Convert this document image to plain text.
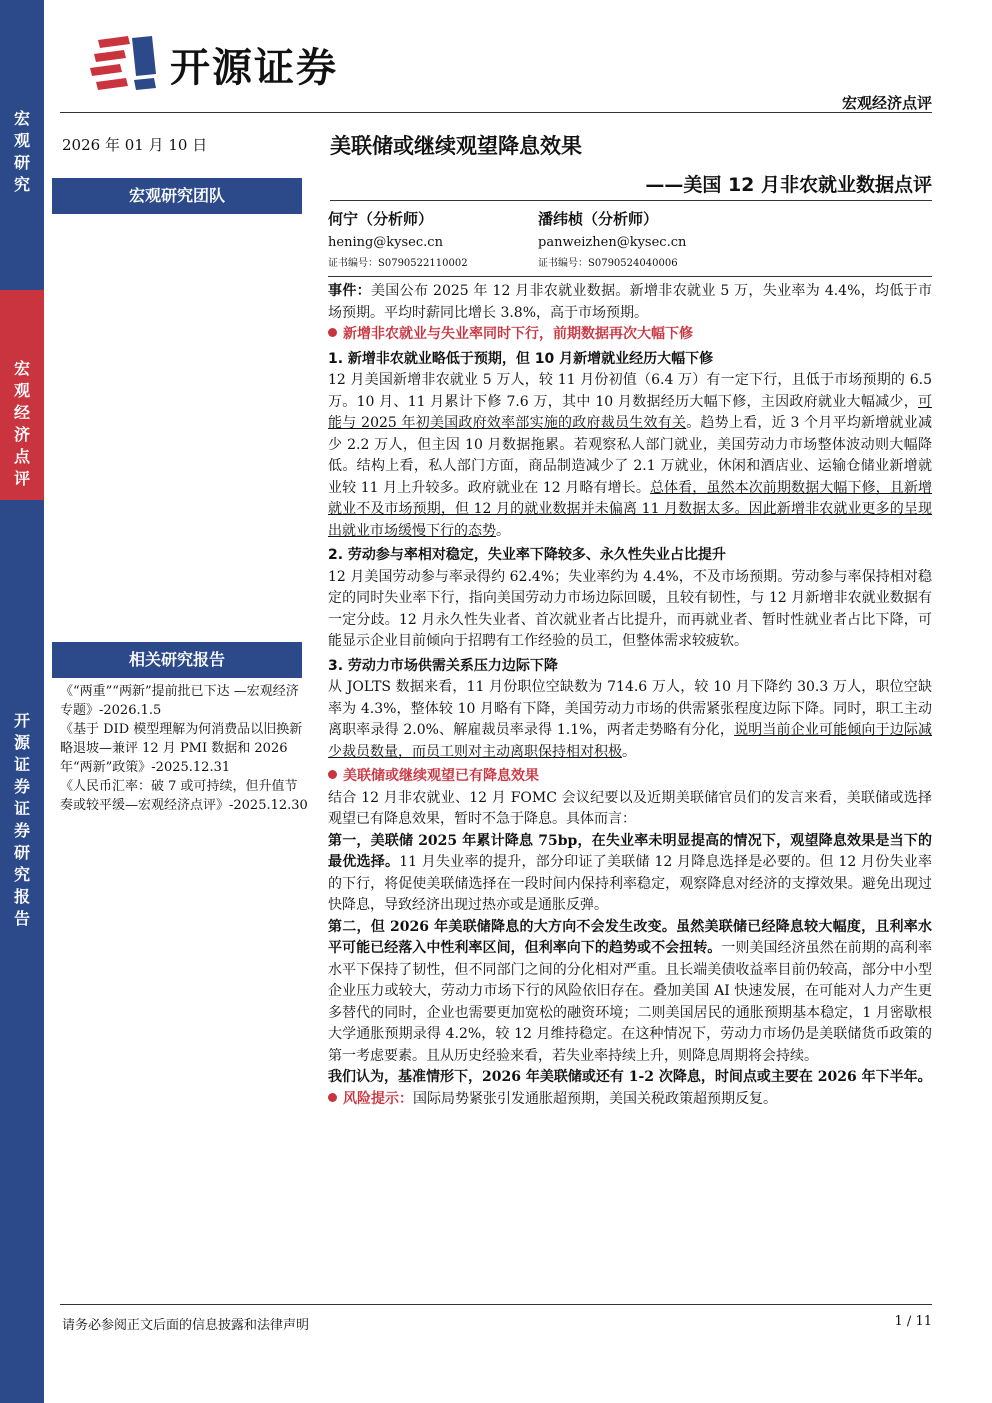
宏观研究
宏观经济点评
开源证券 证券研究报告
开源证券
宏观经济点评
2026 年 01 月 10 日	美联储或继续观望降息效果
——美国 12 月非农就业数据点评
宏观研究团队
何宁（分析师）
hening@kysec.cn
证书编号：S0790522110002
潘纬桢（分析师）
panweizhen@kysec.cn
证书编号：S0790524040006
相关研究报告

《“两重”“两新”提前批已下达 —宏观经济专题》-2026.1.5

《基于 DID 模型理解为何消费品以旧换新略退坡—兼评 12 月 PMI 数据和 2026 年“两新”政策》-2025.12.31

《人民币汇率：破 7 或可持续，但升值节奏或较平缓—宏观经济点评》-2025.12.30

事件：美国公布 2025 年 12 月非农就业数据。新增非农就业 5 万，失业率为 4.4%，均低于市场预期。平均时薪同比增长 3.8%，高于市场预期。

新增非农就业与失业率同时下行，前期数据再次大幅下修

1. 新增非农就业略低于预期，但 10 月新增就业经历大幅下修

12 月美国新增非农就业 5 万人，较 11 月份初值（6.4 万）有一定下行，且低于市场预期的 6.5 万。10 月、11 月累计下修 7.6 万，其中 10 月数据经历大幅下修，主因政府就业大幅减少，可能与 2025 年初美国政府效率部实施的政府裁员生效有关。趋势上看，近 3 个月平均新增就业减少 2.2 万人，但主因 10 月数据拖累。若观察私人部门就业，美国劳动力市场整体波动则大幅降低。结构上看，私人部门方面，商品制造减少了 2.1 万就业，休闲和酒店业、运输仓储业新增就业较 11 月上升较多。政府就业在 12 月略有增长。总体看，虽然本次前期数据大幅下修，且新增就业不及市场预期，但 12 月的就业数据并未偏离 11 月数据太多。因此新增非农就业更多的呈现出就业市场缓慢下行的态势。

2. 劳动参与率相对稳定，失业率下降较多、永久性失业占比提升

12 月美国劳动参与率录得约 62.4%；失业率约为 4.4%，不及市场预期。劳动参与率保持相对稳定的同时失业率下行，指向美国劳动力市场边际回暖，且较有韧性，与 12 月新增非农就业数据有一定分歧。12 月永久性失业者、首次就业者占比提升，而再就业者、暂时性就业者占比下降，可能显示企业目前倾向于招聘有工作经验的员工，但整体需求较疲软。

3. 劳动力市场供需关系压力边际下降

从 JOLTS 数据来看，11 月份职位空缺数为 714.6 万人，较 10 月下降约 30.3 万人，职位空缺率为 4.3%，整体较 10 月略有下降，美国劳动力市场的供需紧张程度边际下降。同时，职工主动离职率录得 2.0%、解雇裁员率录得 1.1%，两者走势略有分化，说明当前企业可能倾向于边际减少裁员数量，而员工则对主动离职保持相对积极。

美联储或继续观望已有降息效果

结合 12 月非农就业、12 月 FOMC 会议纪要以及近期美联储官员们的发言来看，美联储或选择观望已有降息效果，暂时不急于降息。具体而言：

第一，美联储 2025 年累计降息 75bp，在失业率未明显提高的情况下，观望降息效果是当下的最优选择。11 月失业率的提升，部分印证了美联储 12 月降息选择是必要的。但 12 月份失业率的下行，将促使美联储选择在一段时间内保持利率稳定，观察降息对经济的支撑效果。避免出现过快降息，导致经济出现过热亦或是通胀反弹。

第二，但 2026 年美联储降息的大方向不会发生改变。虽然美联储已经降息较大幅度，且利率水平可能已经落入中性利率区间，但利率向下的趋势或不会扭转。一则美国经济虽然在前期的高利率水平下保持了韧性，但不同部门之间的分化相对严重。且长端美债收益率目前仍较高，部分中小型企业压力或较大，劳动力市场下行的风险依旧存在。叠加美国 AI 快速发展，在可能对人力产生更多替代的同时，企业也需要更加宽松的融资环境；二则美国居民的通胀预期基本稳定，1 月密歇根大学通胀预期录得 4.2%，较 12 月维持稳定。在这种情况下，劳动力市场仍是美联储货币政策的第一考虑要素。且从历史经验来看，若失业率持续上升，则降息周期将会持续。

我们认为，基准情形下，2026 年美联储或还有 1-2 次降息，时间点或主要在 2026 年下半年。

风险提示：国际局势紧张引发通胀超预期，美国关税政策超预期反复。

请务必参阅正文后面的信息披露和法律声明	1 / 11
